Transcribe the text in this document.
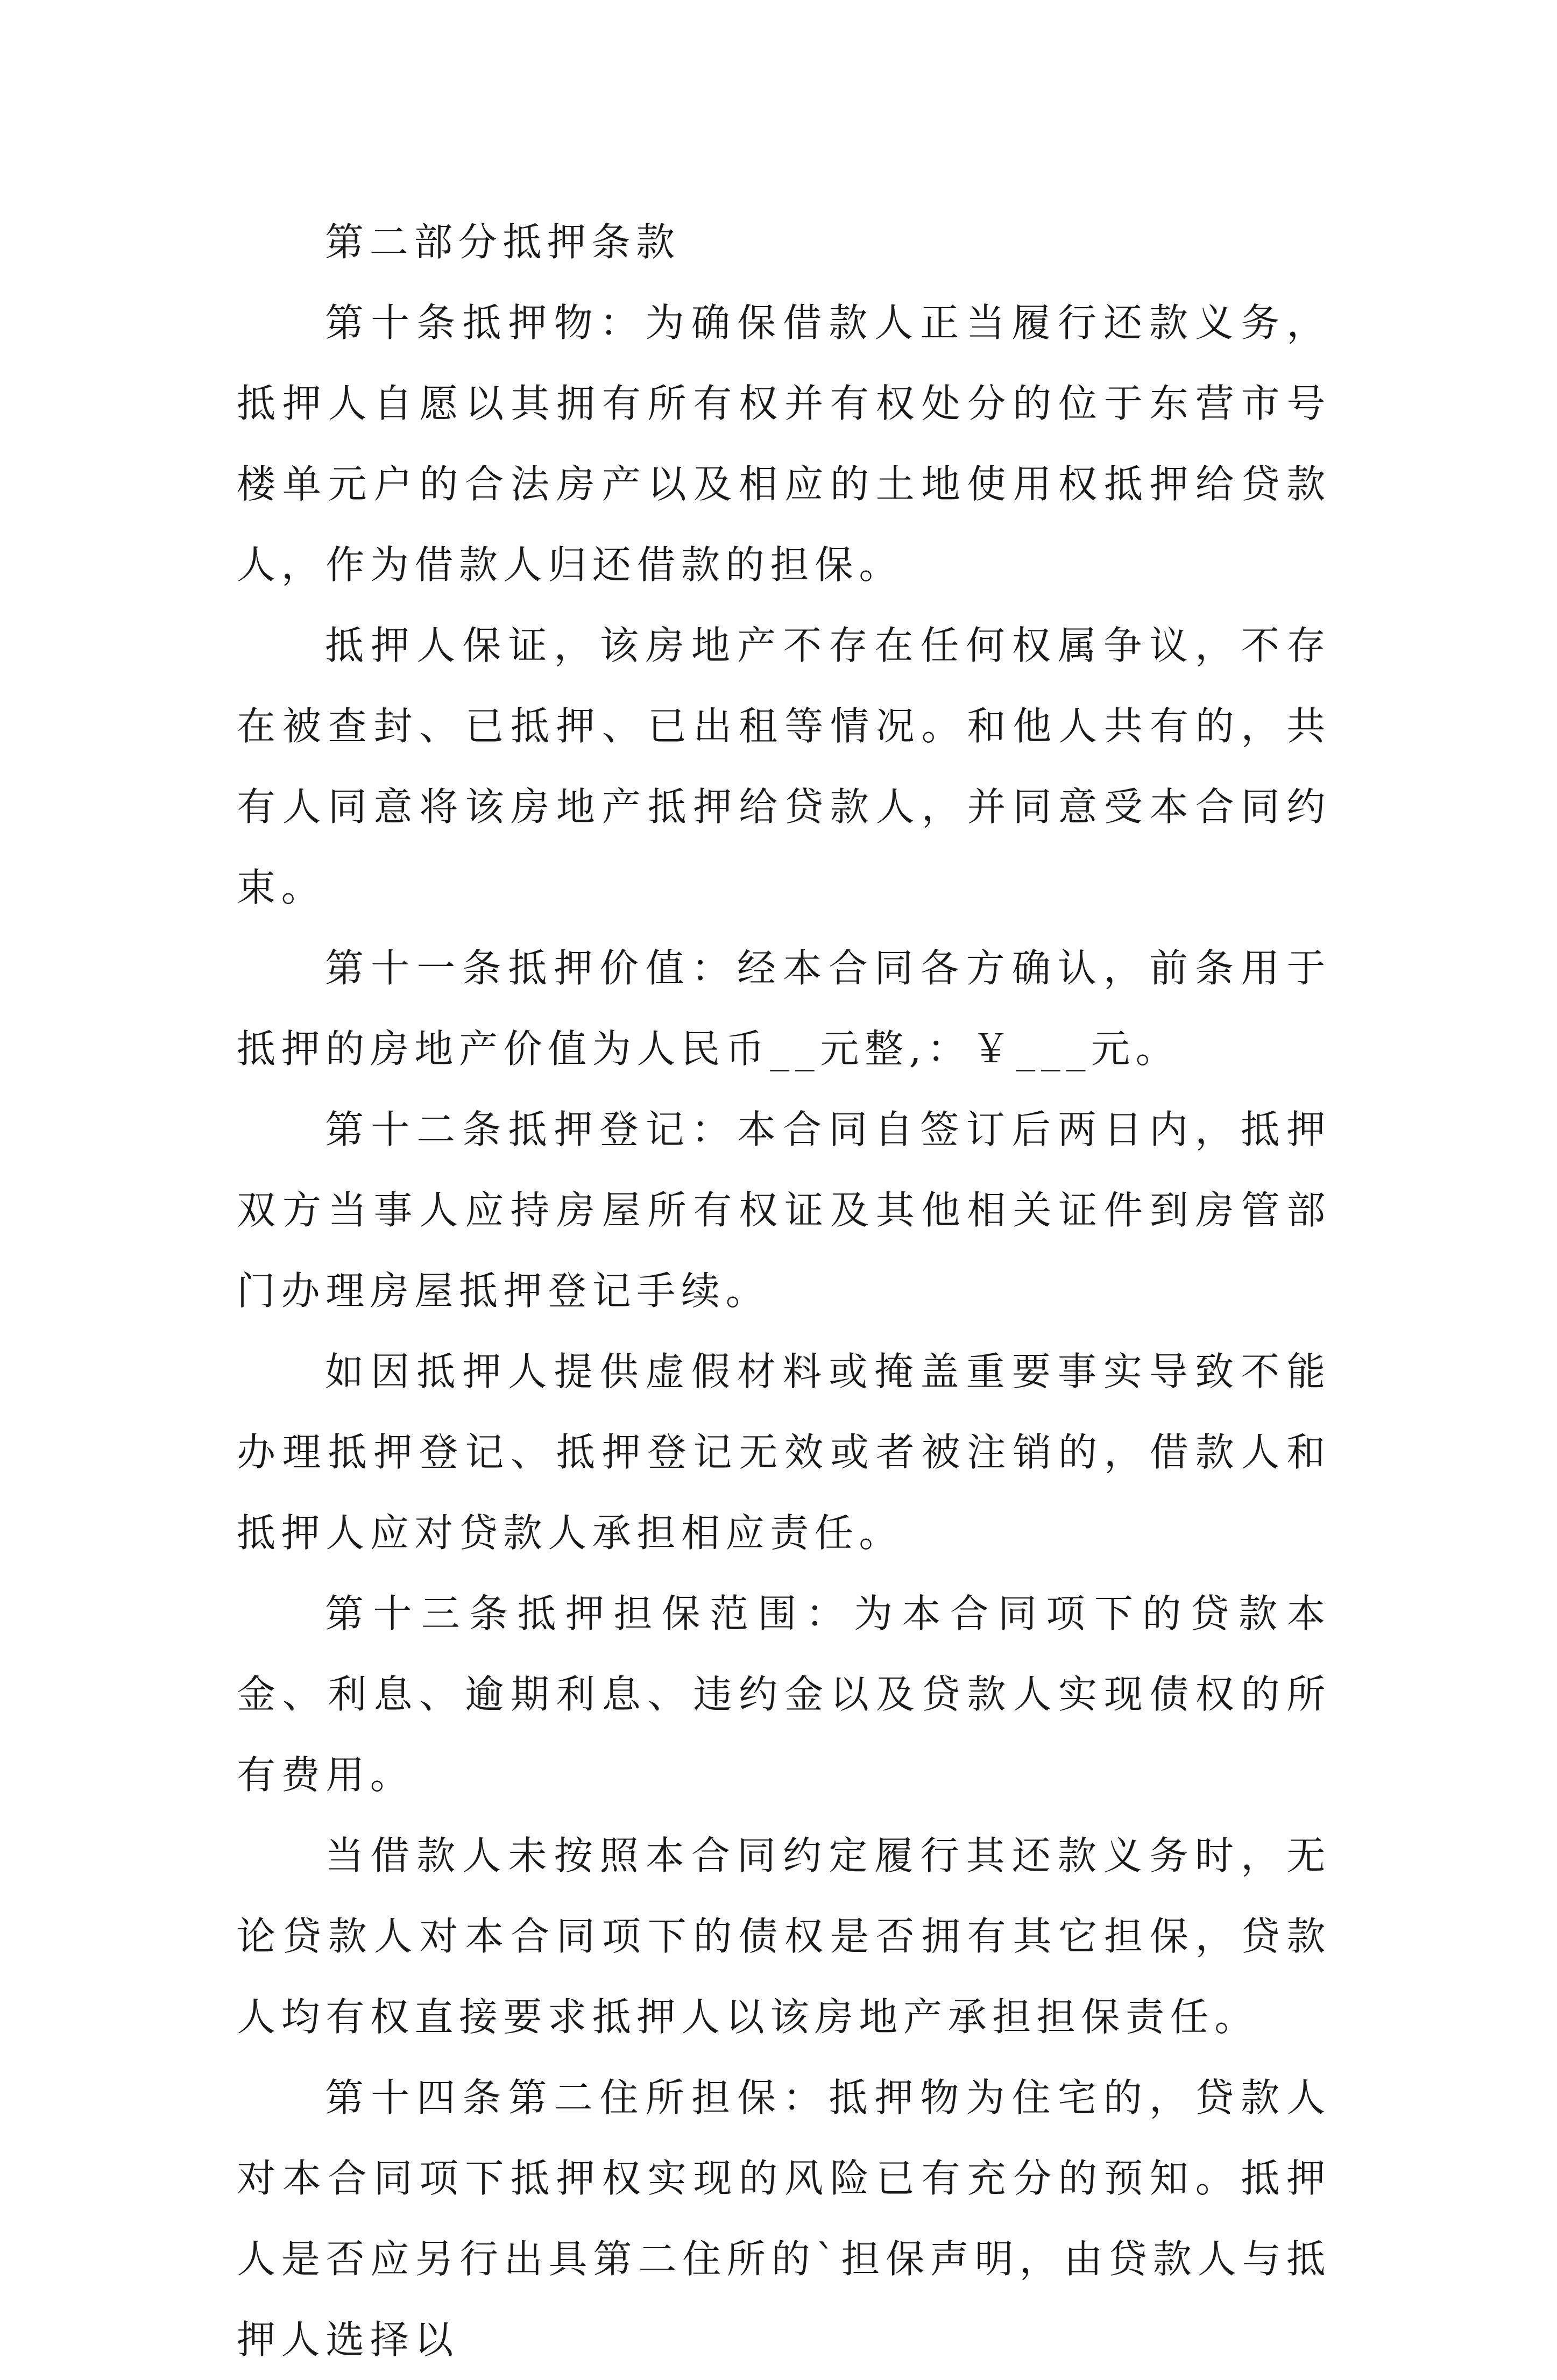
第二部分抵押条款

第十条抵押物：为确保借款人正当履行还款义务，抵押人自愿以其拥有所有权并有权处分的位于东营市号楼单元户的合法房产以及相应的土地使用权抵押给贷款人，作为借款人归还借款的担保。

抵押人保证，该房地产不存在任何权属争议，不存在被查封、已抵押、已出租等情况。和他人共有的，共有人同意将该房地产抵押给贷款人，并同意受本合同约束。

第十一条抵押价值：经本合同各方确认，前条用于抵押的房地产价值为人民币__元整,：￥___元。

第十二条抵押登记：本合同自签订后两日内，抵押双方当事人应持房屋所有权证及其他相关证件到房管部门办理房屋抵押登记手续。

如因抵押人提供虚假材料或掩盖重要事实导致不能办理抵押登记、抵押登记无效或者被注销的，借款人和抵押人应对贷款人承担相应责任。

第十三条抵押担保范围：为本合同项下的贷款本金、利息、逾期利息、违约金以及贷款人实现债权的所有费用。

当借款人未按照本合同约定履行其还款义务时，无论贷款人对本合同项下的债权是否拥有其它担保，贷款人均有权直接要求抵押人以该房地产承担担保责任。

第十四条第二住所担保：抵押物为住宅的，贷款人对本合同项下抵押权实现的风险已有充分的预知。抵押人是否应另行出具第二住所的`担保声明，由贷款人与抵押人选择以
